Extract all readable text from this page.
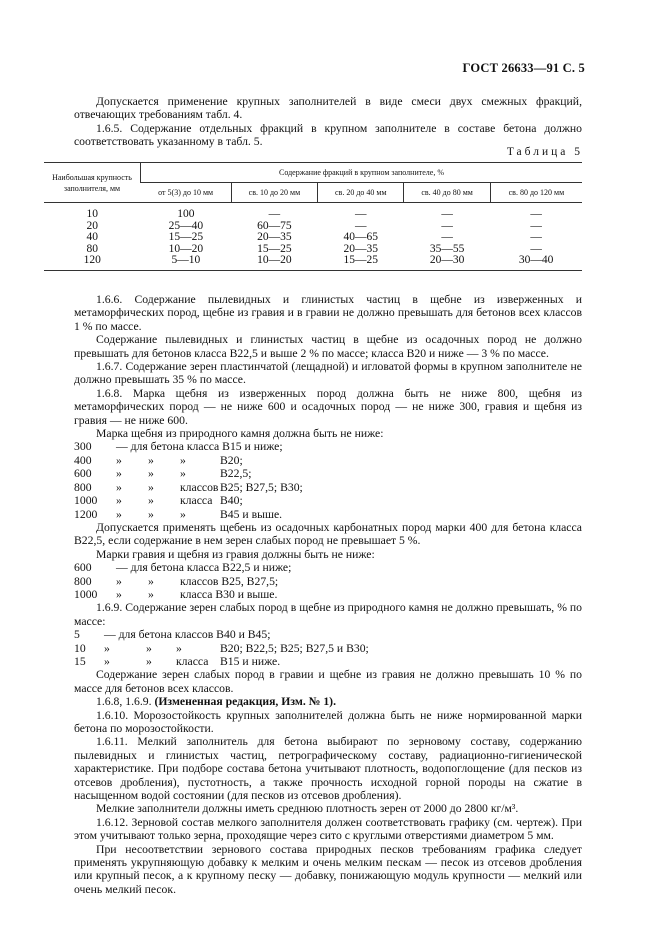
ГОСТ 26633—91 С. 5

Допускается применение крупных заполнителей в виде смеси двух смежных фракций, отвечающих требованиям табл. 4.

1.6.5. Содержание отдельных фракций в крупном заполнителе в составе бетона должно соответствовать указанному в табл. 5.

Таблица 5
Наибольшая крупность заполнителя, мм	Содержание фракций в крупном заполнителе, %				
	от 5(3) до 10 мм	св. 10 до 20 мм	св. 20 до 40 мм	св. 40 до 80 мм	св. 80 до 120 мм
10	100	—	—	—	—
20	25—40	60—75	—	—	—
40	15—25	20—35	40—65	—	—
80	10—20	15—25	20—35	35—55	—
120	5—10	10—20	15—25	20—30	30—40

1.6.6. Содержание пылевидных и глинистых частиц в щебне из изверженных и метаморфических пород, щебне из гравия и в гравии не должно превышать для бетонов всех классов 1 % по массе.

Содержание пылевидных и глинистых частиц в щебне из осадочных пород не должно превышать для бетонов класса B22,5 и выше 2 % по массе; класса В20 и ниже — 3 % по массе.

1.6.7. Содержание зерен пластинчатой (лещадной) и игловатой формы в крупном заполнителе не должно превышать 35 % по массе.

1.6.8. Марка щебня из изверженных пород должна быть не ниже 800, щебня из метаморфических пород — не ниже 600 и осадочных пород — не ниже 300, гравия и щебня из гравия — не ниже 600.

Марка щебня из природного камня должна быть не ниже:

300 — для бетона класса В15 и ниже;
400 » » »	В20;
600 » » »	В22,5;
800 » » классов В25; В27,5; В30;
1000 » » класса В40;
1200 » » »	В45 и выше.

Допускается применять щебень из осадочных карбонатных пород марки 400 для бетона класса В22,5, если содержание в нем зерен слабых пород не превышает 5 %.

Марки гравия и щебня из гравия должны быть не ниже:

600 — для бетона класса В22,5 и ниже;
800 » » классов В25, В27,5;
1000 » » класса В30 и выше.

1.6.9. Содержание зерен слабых пород в щебне из природного камня не должно превышать, % по массе:

5 — для бетона классов В40 и В45;
10 »	» »	В20; В22,5; В25; В27,5 и В30;
15 »	» класса В15 и ниже.

Содержание зерен слабых пород в гравии и щебне из гравия не должно превышать 10 % по массе для бетонов всех классов.

1.6.8, 1.6.9. (Измененная редакция, Изм. № 1).

1.6.10. Морозостойкость крупных заполнителей должна быть не ниже нормированной марки бетона по морозостойкости.

1.6.11. Мелкий заполнитель для бетона выбирают по зерновому составу, содержанию пылевидных и глинистых частиц, петрографическому составу, радиационно-гигиенической характеристике. При подборе состава бетона учитывают плотность, водопоглощение (для песков из отсевов дробления), пустотность, а также прочность исходной горной породы на сжатие в насыщенном водой состоянии (для песков из отсевов дробления).

Мелкие заполнители должны иметь среднюю плотность зерен от 2000 до 2800 кг/м³.

1.6.12. Зерновой состав мелкого заполнителя должен соответствовать графику (см. чертеж). При этом учитывают только зерна, проходящие через сито с круглыми отверстиями диаметром 5 мм.

При несоответствии зернового состава природных песков требованиям графика следует применять укрупняющую добавку к мелким и очень мелким пескам — песок из отсевов дробления или крупный песок, а к крупному песку — добавку, понижающую модуль крупности — мелкий или очень мелкий песок.
